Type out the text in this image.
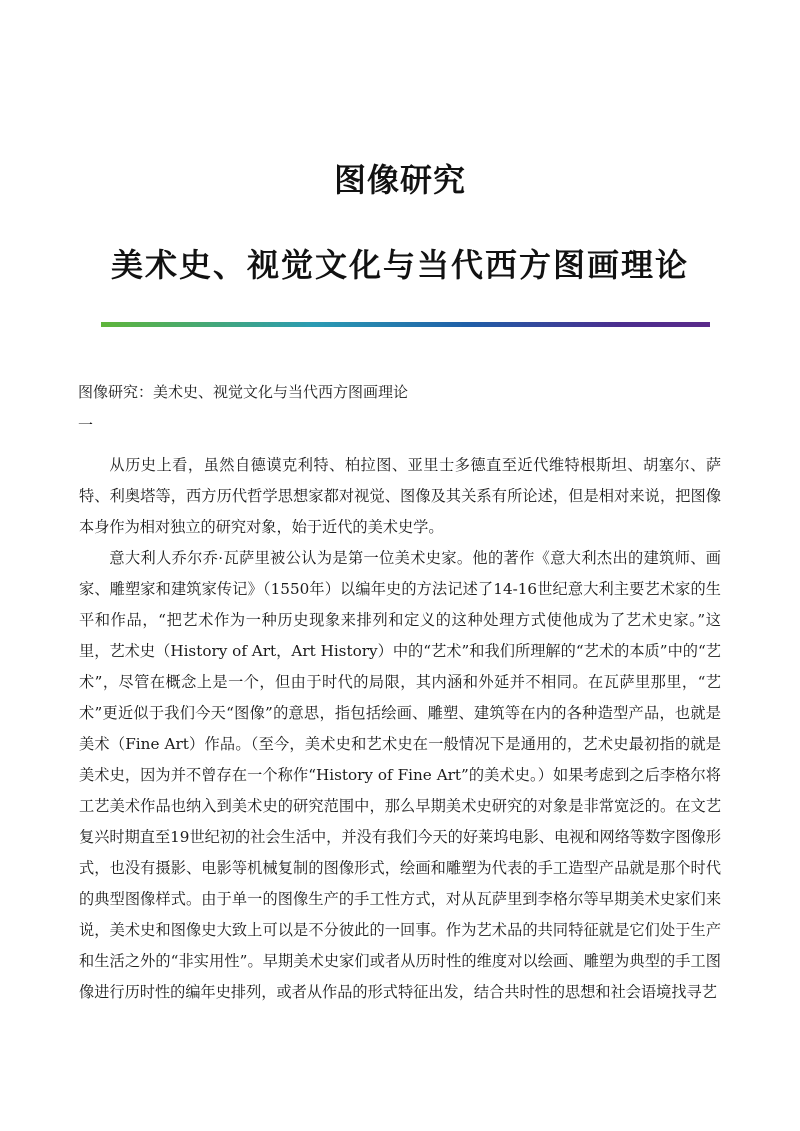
图像研究
美术史、视觉文化与当代西方图画理论
图像研究：美术史、视觉文化与当代西方图画理论
一

从历史上看，虽然自德谟克利特、柏拉图、亚里士多德直至近代维特根斯坦、胡塞尔、萨特、利奥塔等，西方历代哲学思想家都对视觉、图像及其关系有所论述，但是相对来说，把图像本身作为相对独立的研究对象，始于近代的美术史学。

意大利人乔尔乔·瓦萨里被公认为是第一位美术史家。他的著作《意大利杰出的建筑师、画家、雕塑家和建筑家传记》（1550年）以编年史的方法记述了14-16世纪意大利主要艺术家的生平和作品，“把艺术作为一种历史现象来排列和定义的这种处理方式使他成为了艺术史家。”这里，艺术史（History of Art，Art History）中的“艺术”和我们所理解的“艺术的本质”中的“艺术”，尽管在概念上是一个，但由于时代的局限，其内涵和外延并不相同。在瓦萨里那里，“艺术”更近似于我们今天“图像”的意思，指包括绘画、雕塑、建筑等在内的各种造型产品，也就是美术（Fine Art）作品。（至今，美术史和艺术史在一般情况下是通用的，艺术史最初指的就是美术史，因为并不曾存在一个称作“History of Fine Art”的美术史。）如果考虑到之后李格尔将工艺美术作品也纳入到美术史的研究范围中，那么早期美术史研究的对象是非常宽泛的。在文艺复兴时期直至19世纪初的社会生活中，并没有我们今天的好莱坞电影、电视和网络等数字图像形式，也没有摄影、电影等机械复制的图像形式，绘画和雕塑为代表的手工造型产品就是那个时代的典型图像样式。由于单一的图像生产的手工性方式，对从瓦萨里到李格尔等早期美术史家们来说，美术史和图像史大致上可以是不分彼此的一回事。作为艺术品的共同特征就是它们处于生产和生活之外的“非实用性”。早期美术史家们或者从历时性的维度对以绘画、雕塑为典型的手工图像进行历时性的编年史排列，或者从作品的形式特征出发，结合共时性的思想和社会语境找寻艺
